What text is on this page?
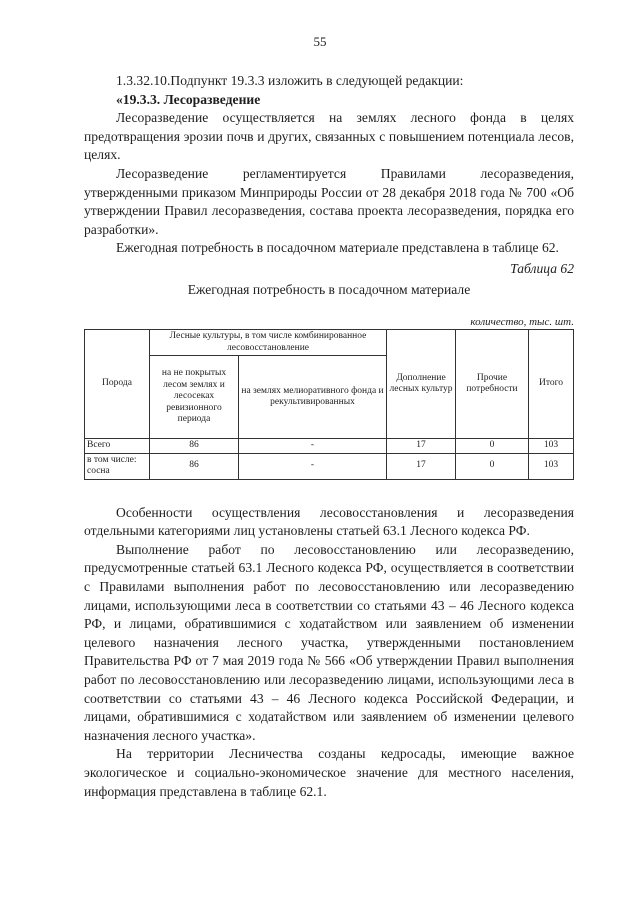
55

1.3.32.10.Подпункт 19.3.3 изложить в следующей редакции:

«19.3.3. Лесоразведение

Лесоразведение осуществляется на землях лесного фонда в целях предотвращения эрозии почв и других, связанных с повышением потенциала лесов, целях.

Лесоразведение регламентируется Правилами лесоразведения, утвержденными приказом Минприроды России от 28 декабря 2018 года № 700 «Об утверждении Правил лесоразведения, состава проекта лесоразведения, порядка его разработки».

Ежегодная потребность в посадочном материале представлена в таблице 62.

Таблица 62
Ежегодная потребность в посадочном материале
количество, тыс. шт.
Порода	Лесные культуры, в том числе комбинированное лесовосстановление		Дополнение лесных культур	Прочие потребности	Итого
	на не покрытых лесом землях и лесосеках ревизионного периода	на землях мелиоративного фонда и рекультивированных			
Всего	86	-	17	0	103
в том числе: сосна	86	-	17	0	103

Особенности осуществления лесовосстановления и лесоразведения отдельными категориями лиц установлены статьей 63.1 Лесного кодекса РФ.

Выполнение работ по лесовосстановлению или лесоразведению, предусмотренные статьей 63.1 Лесного кодекса РФ, осуществляется в соответствии с Правилами выполнения работ по лесовосстановлению или лесоразведению лицами, использующими леса в соответствии со статьями 43 – 46 Лесного кодекса РФ, и лицами, обратившимися с ходатайством или заявлением об изменении целевого назначения лесного участка, утвержденными постановлением Правительства РФ от 7 мая 2019 года № 566 «Об утверждении Правил выполнения работ по лесовосстановлению или лесоразведению лицами, использующими леса в соответствии со статьями 43 – 46 Лесного кодекса Российской Федерации, и лицами, обратившимися с ходатайством или заявлением об изменении целевого назначения лесного участка».

На территории Лесничества созданы кедросады, имеющие важное экологическое и социально-экономическое значение для местного населения, информация представлена в таблице 62.1.
